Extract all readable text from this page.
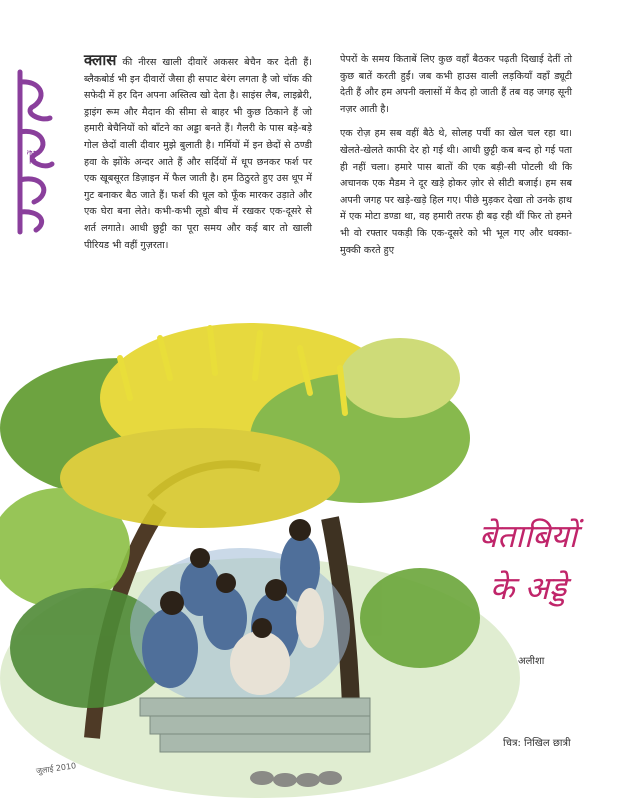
यादें

क्लास की नीरस खाली दीवारें अकसर बेचैन कर देती हैं। ब्लैकबोर्ड भी इन दीवारों जैसा ही सपाट बेरंग लगता है जो चॉक की सफेदी में हर दिन अपना अस्तित्व खो देता है। साइंस लैब, लाइब्रेरी, ड्राइंग रूम और मैदान की सीमा से बाहर भी कुछ ठिकाने हैं जो हमारी बेचैनियों को बाँटने का अड्डा बनते हैं। गैलरी के पास बड़े-बड़े गोल छेदों वाली दीवार मुझे बुलाती है। गर्मियों में इन छेदों से ठण्डी हवा के झोंके अन्दर आते हैं और सर्दियों में धूप छनकर फर्श पर एक खूबसूरत डिज़ाइन में फैल जाती है। हम ठिठुरते हुए उस धूप में गुट बनाकर बैठ जाते हैं। फर्श की धूल को फूँक मारकर उड़ाते और एक घेरा बना लेते। कभी-कभी लूडो बीच में रखकर एक-दूसरे से शर्त लगाते। आधी छुट्टी का पूरा समय और कई बार तो खाली पीरियड भी वहीं गुज़रता।

पेपरों के समय किताबें लिए कुछ वहाँ बैठकर पढ़ती दिखाई देतीं तो कुछ बातें करती हुईं। जब कभी हाउस वाली लड़कियाँ वहाँ ड्यूटी देती हैं और हम अपनी क्लासों में कैद हो जाती हैं तब वह जगह सूनी नज़र आती है।

एक रोज़ हम सब वहीं बैठे थे, सोलह पर्ची का खेल चल रहा था। खेलते-खेलते काफी देर हो गई थी। आधी छुट्टी कब बन्द हो गई पता ही नहीं चला। हमारे पास बातों की एक बड़ी-सी पोटली थी कि अचानक एक मैडम ने दूर खड़े होकर ज़ोर से सीटी बजाई। हम सब अपनी जगह पर खड़े-खड़े हिल गए। पीछे मुड़कर देखा तो उनके हाथ में एक मोटा डण्डा था, वह हमारी तरफ ही बढ़ रही थीं फिर तो हमने भी वो रफ्तार पकड़ी कि एक-दूसरे को भी भूल गए और धक्का-मुक्की करते हुए

बेताबियों
के अड्डे
अलीशा
चित्र: निखिल छात्री
जुलाई 2010
